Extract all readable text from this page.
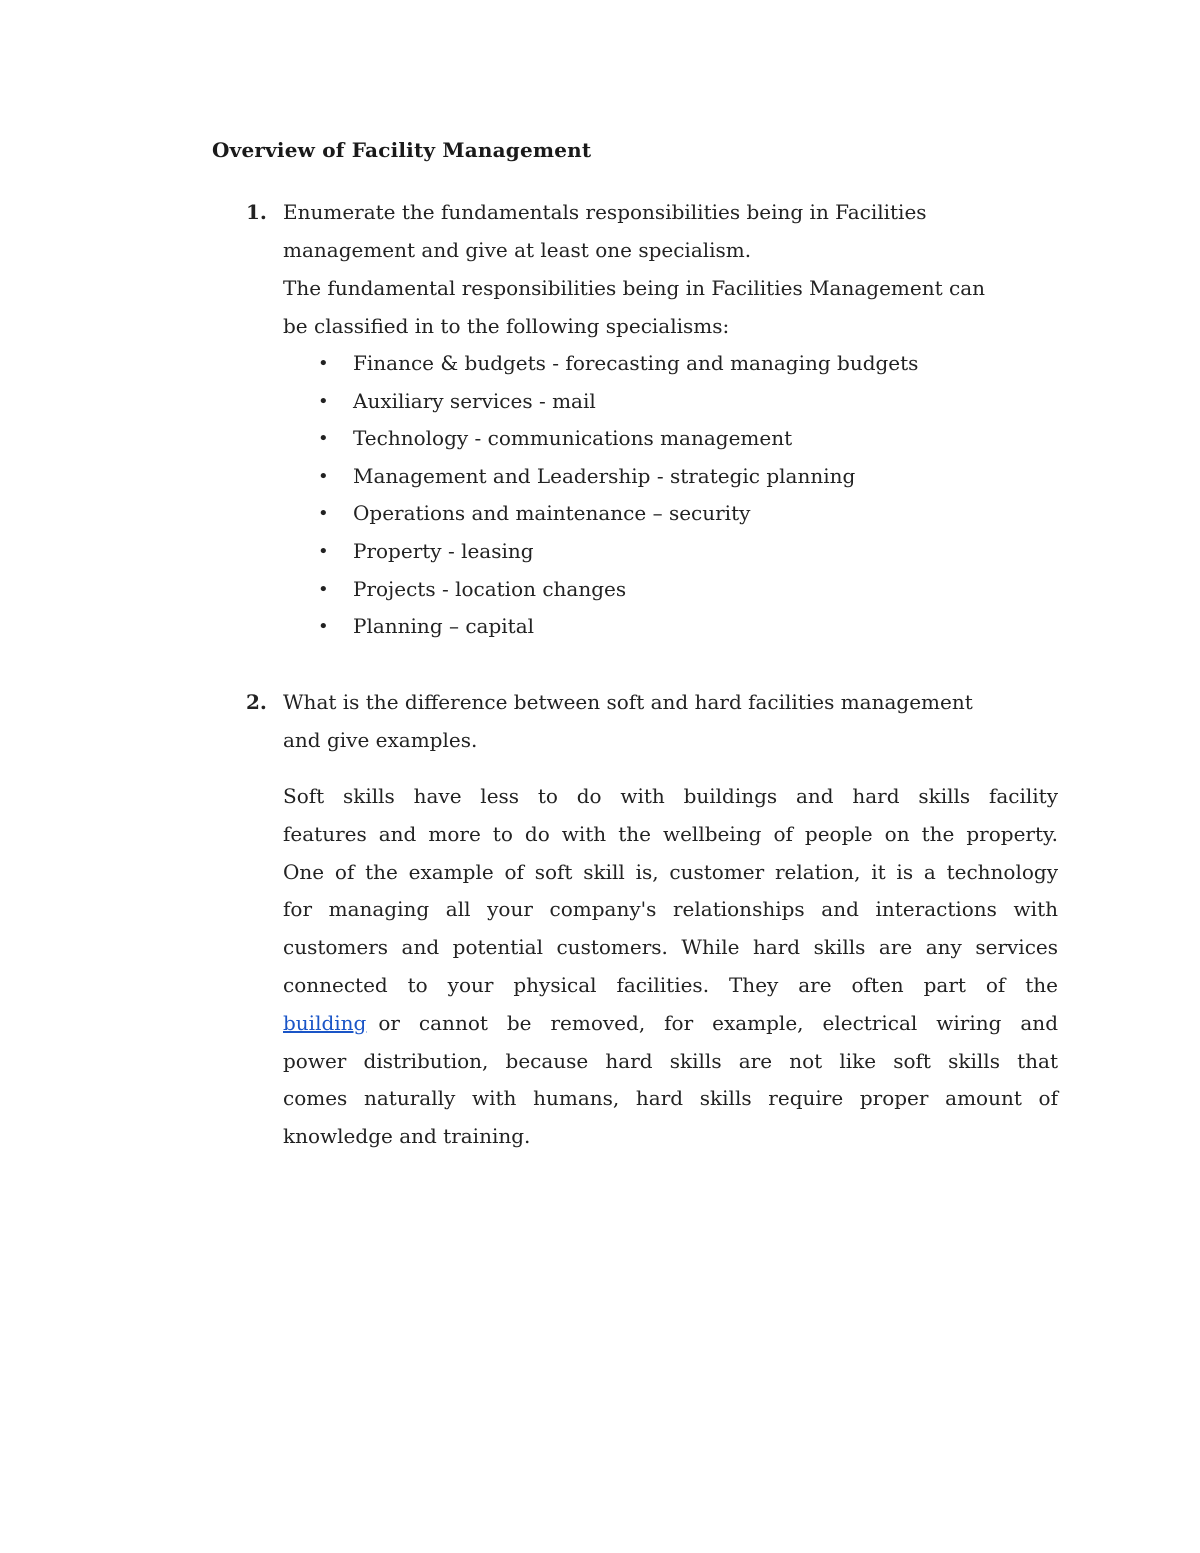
Overview of Facility Management
1. Enumerate the fundamentals responsibilities being in Facilities
management and give at least one specialism.
The fundamental responsibilities being in Facilities Management can
be classified in to the following specialisms:
• Finance & budgets - forecasting and managing budgets
• Auxiliary services - mail
• Technology - communications management
• Management and Leadership - strategic planning
• Operations and maintenance – security
• Property - leasing
• Projects - location changes
• Planning – capital
2. What is the difference between soft and hard facilities management
and give examples.
Soft skills have less to do with buildings and hard skills facility
features and more to do with the wellbeing of people on the property.
One of the example of soft skill is, customer relation, it is a technology
for managing all your company's relationships and interactions with
customers and potential customers. While hard skills are any services
connected to your physical facilities. They are often part of the
building or cannot be removed, for example, electrical wiring and
power distribution, because hard skills are not like soft skills that
comes naturally with humans, hard skills require proper amount of
knowledge and training.
